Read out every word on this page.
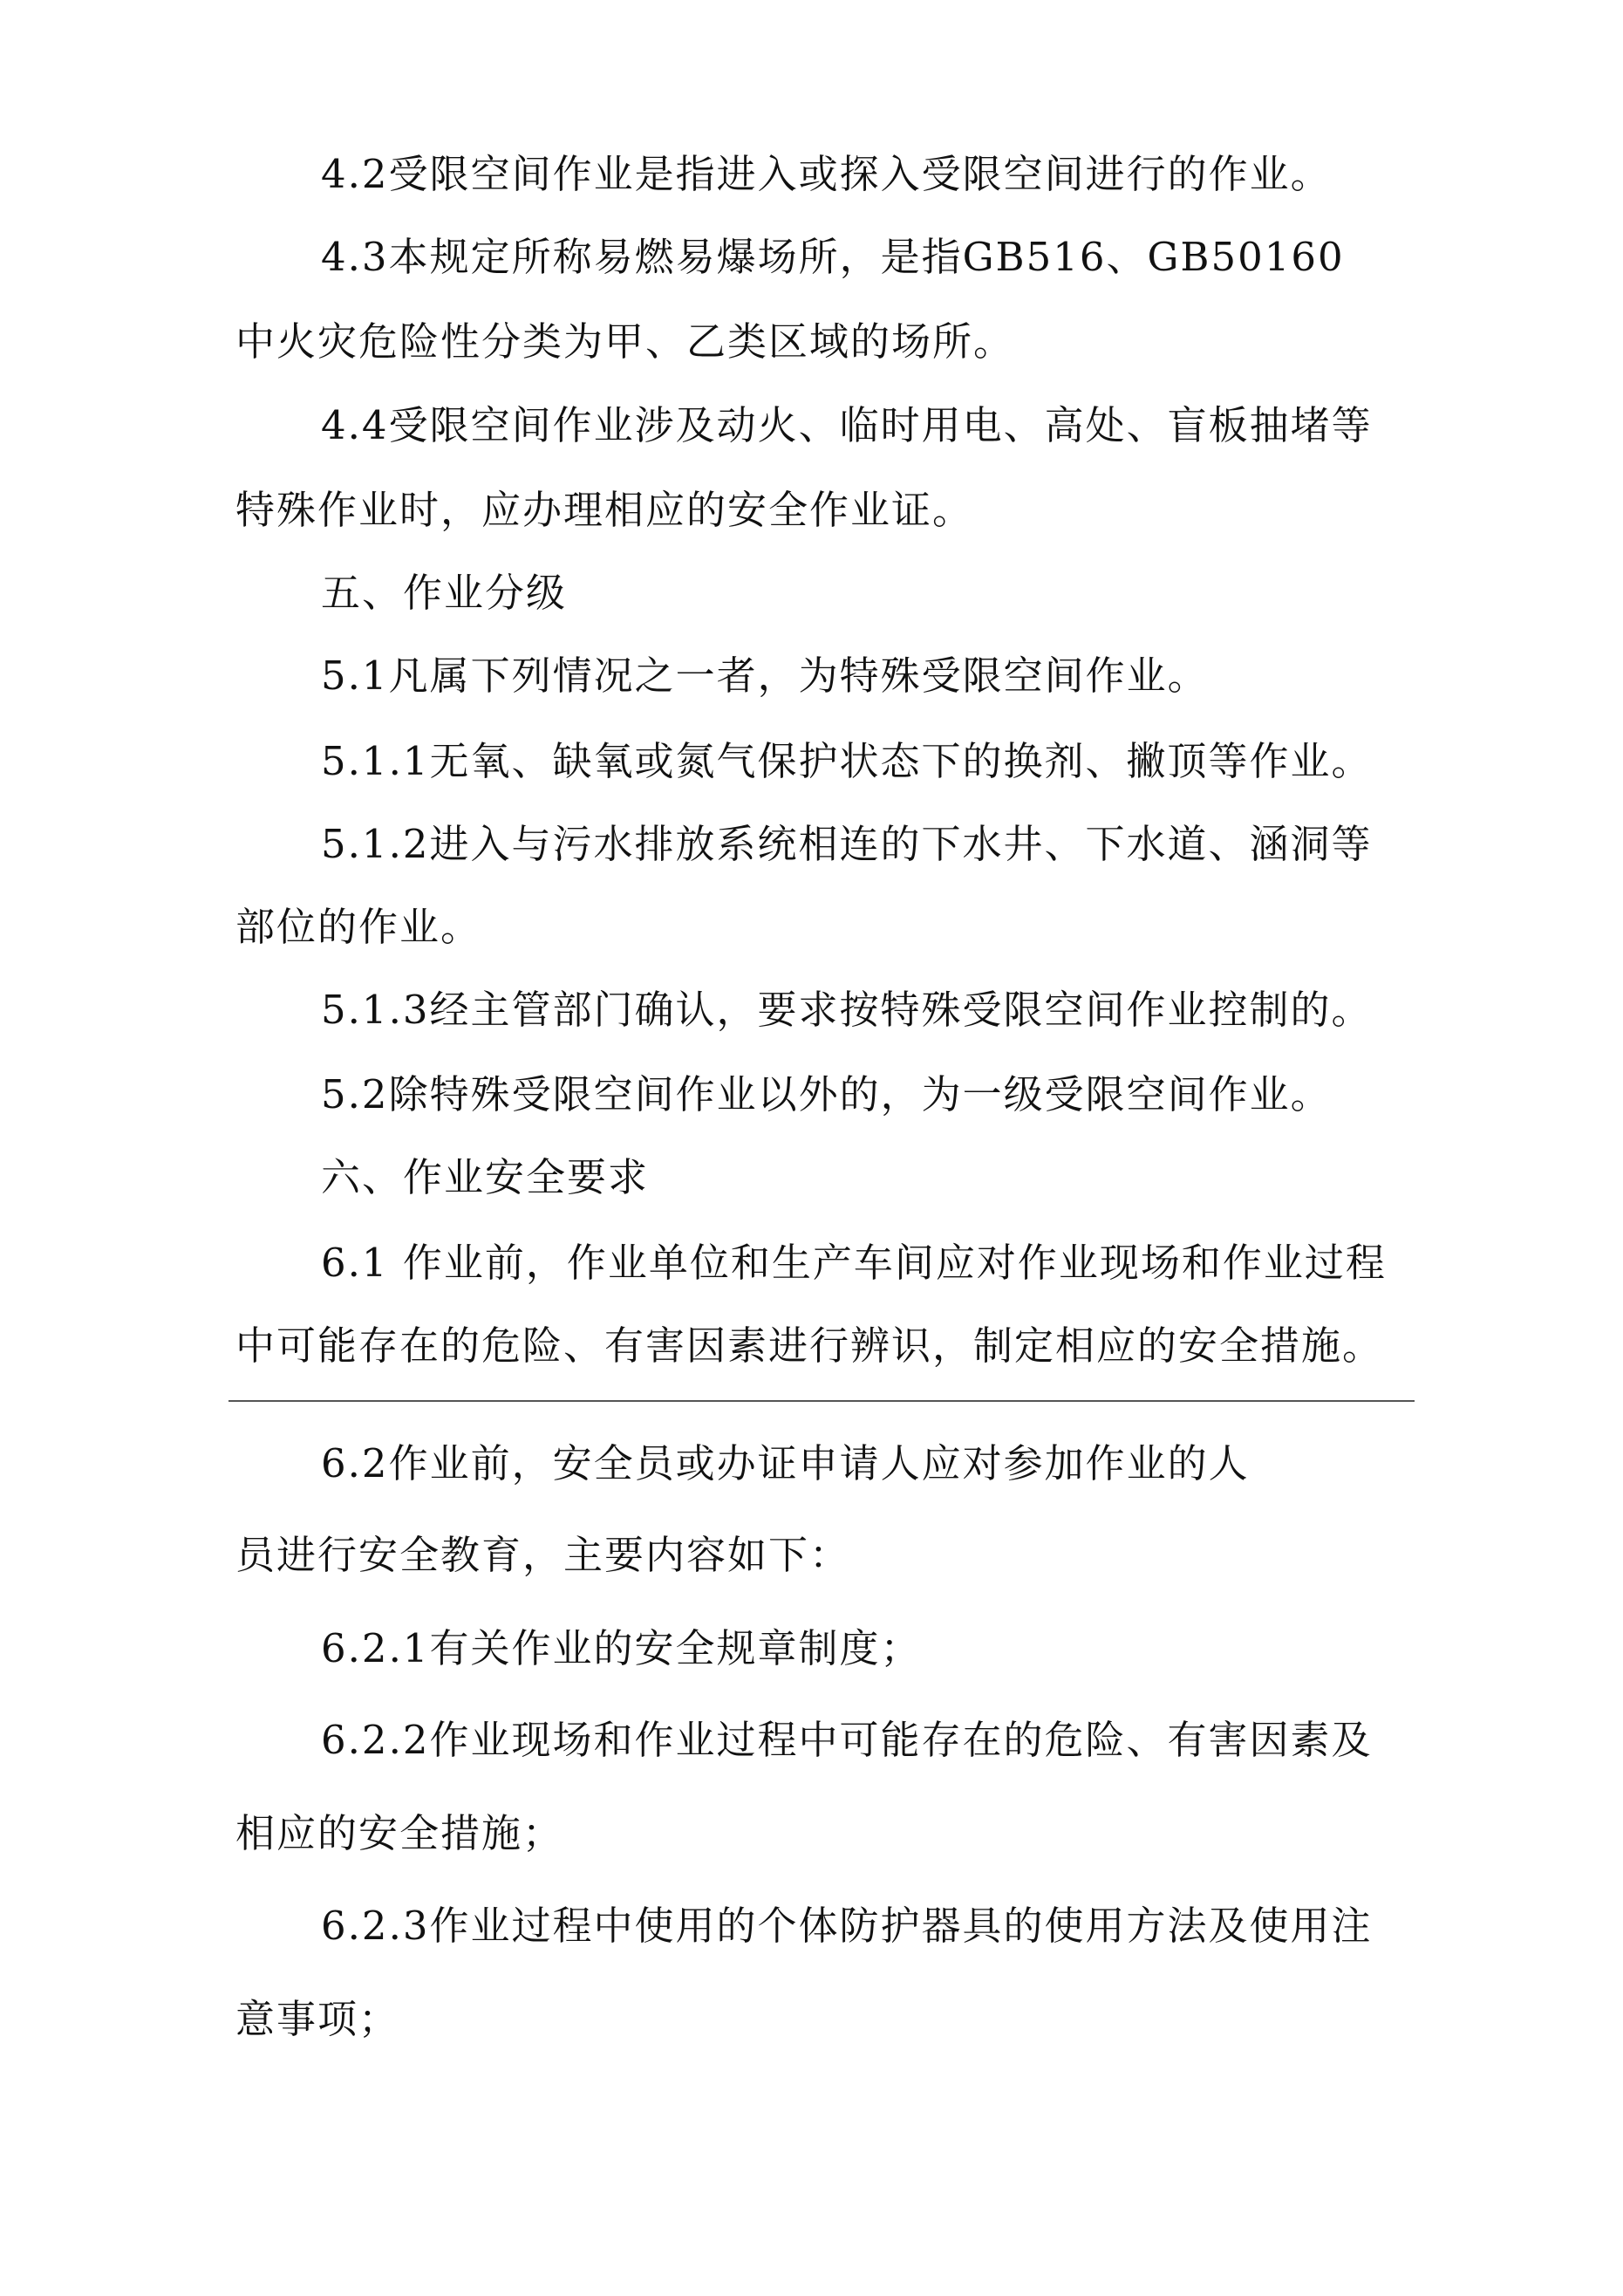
4.2受限空间作业是指进入或探入受限空间进行的作业。
4.3本规定所称易燃易爆场所，是指GB516、GB50160
中火灾危险性分类为甲、乙类区域的场所。
4.4受限空间作业涉及动火、临时用电、高处、盲板抽堵等
特殊作业时，应办理相应的安全作业证。
五、作业分级
5.1凡属下列情况之一者，为特殊受限空间作业。
5.1.1无氧、缺氧或氮气保护状态下的换剂、撇顶等作业。
5.1.2进入与污水排放系统相连的下水井、下水道、涵洞等
部位的作业。
5.1.3经主管部门确认，要求按特殊受限空间作业控制的。
5.2除特殊受限空间作业以外的，为一级受限空间作业。
六、作业安全要求
6.1 作业前，作业单位和生产车间应对作业现场和作业过程
中可能存在的危险、有害因素进行辨识，制定相应的安全措施。
6.2作业前，安全员或办证申请人应对参加作业的人
员进行安全教育，主要内容如下：
6.2.1有关作业的安全规章制度；
6.2.2作业现场和作业过程中可能存在的危险、有害因素及
相应的安全措施；
6.2.3作业过程中使用的个体防护器具的使用方法及使用注
意事项；
